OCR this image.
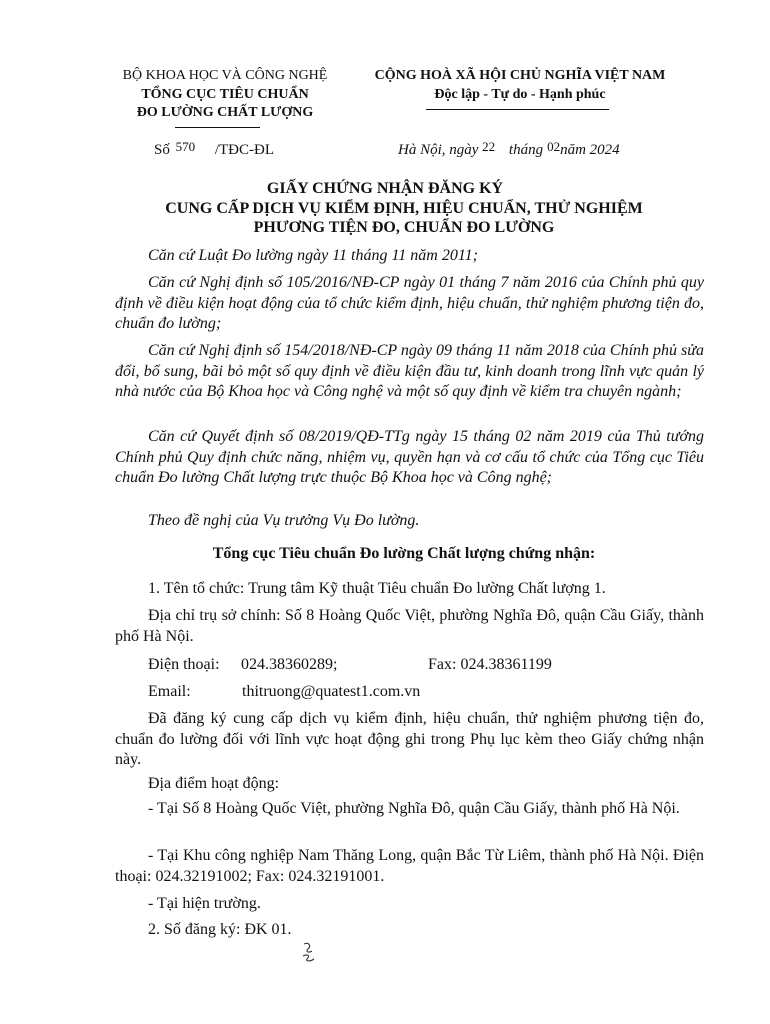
BỘ KHOA HỌC VÀ CÔNG NGHỆ
TỔNG CỤC TIÊU CHUẨN
ĐO LƯỜNG CHẤT LƯỢNG
Số 570 /TĐC-ĐL
CỘNG HOÀ XÃ HỘI CHỦ NGHĨA VIỆT NAM
Độc lập - Tự do - Hạnh phúc
Hà Nội, ngày 22 tháng 02năm 2024
GIẤY CHỨNG NHẬN ĐĂNG KÝ
CUNG CẤP DỊCH VỤ KIỂM ĐỊNH, HIỆU CHUẨN, THỬ NGHIỆM
PHƯƠNG TIỆN ĐO, CHUẨN ĐO LƯỜNG
Căn cứ Luật Đo lường ngày 11 tháng 11 năm 2011;
Căn cứ Nghị định số 105/2016/NĐ-CP ngày 01 tháng 7 năm 2016 của Chính phủ quy định về điều kiện hoạt động của tổ chức kiểm định, hiệu chuẩn, thử nghiệm phương tiện đo, chuẩn đo lường;
Căn cứ Nghị định số 154/2018/NĐ-CP ngày 09 tháng 11 năm 2018 của Chính phủ sửa đổi, bổ sung, bãi bỏ một số quy định về điều kiện đầu tư, kinh doanh trong lĩnh vực quản lý nhà nước của Bộ Khoa học và Công nghệ và một số quy định về kiểm tra chuyên ngành;
Căn cứ Quyết định số 08/2019/QĐ-TTg ngày 15 tháng 02 năm 2019 của Thủ tướng Chính phủ Quy định chức năng, nhiệm vụ, quyền hạn và cơ cấu tổ chức của Tổng cục Tiêu chuẩn Đo lường Chất lượng trực thuộc Bộ Khoa học và Công nghệ;
Theo đề nghị của Vụ trưởng Vụ Đo lường.
Tổng cục Tiêu chuẩn Đo lường Chất lượng chứng nhận:
1. Tên tổ chức: Trung tâm Kỹ thuật Tiêu chuẩn Đo lường Chất lượng 1.
Địa chỉ trụ sở chính: Số 8 Hoàng Quốc Việt, phường Nghĩa Đô, quận Cầu Giấy, thành phố Hà Nội.
Điện thoại: 024.38360289;	Fax: 024.38361199
Email:	thitruong@quatest1.com.vn
Đã đăng ký cung cấp dịch vụ kiểm định, hiệu chuẩn, thử nghiệm phương tiện đo, chuẩn đo lường đối với lĩnh vực hoạt động ghi trong Phụ lục kèm theo Giấy chứng nhận này.
Địa điểm hoạt động:
- Tại Số 8 Hoàng Quốc Việt, phường Nghĩa Đô, quận Cầu Giấy, thành phố Hà Nội.
- Tại Khu công nghiệp Nam Thăng Long, quận Bắc Từ Liêm, thành phố Hà Nội. Điện thoại: 024.32191002; Fax: 024.32191001.
- Tại hiện trường.
2. Số đăng ký: ĐK 01.
